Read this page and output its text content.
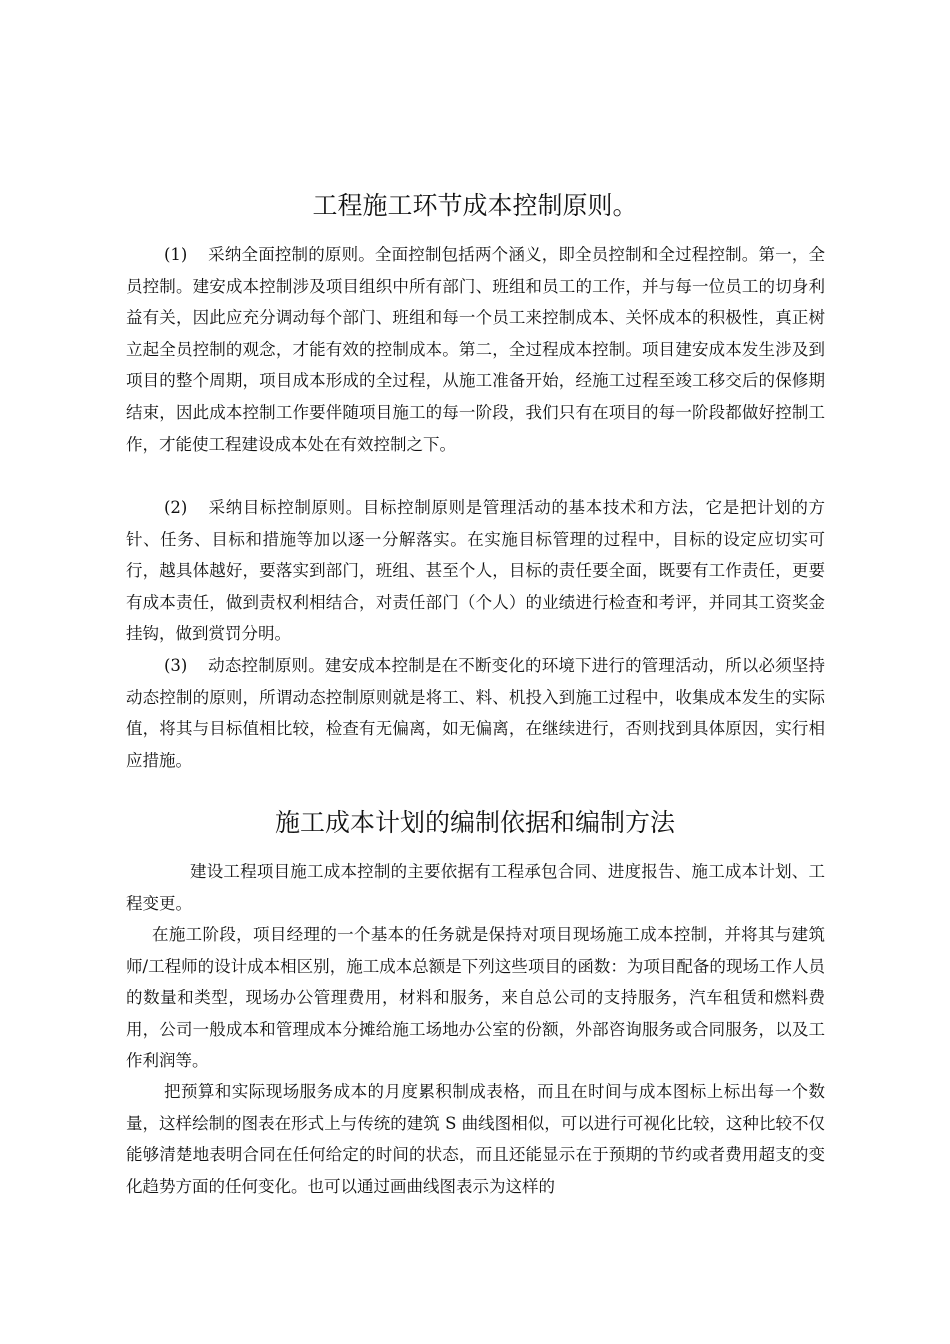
工程施工环节成本控制原则。

(1) 采纳全面控制的原则。全面控制包括两个涵义，即全员控制和全过程控制。第一，全员控制。建安成本控制涉及项目组织中所有部门、班组和员工的工作，并与每一位员工的切身利益有关，因此应充分调动每个部门、班组和每一个员工来控制成本、关怀成本的积极性，真正树立起全员控制的观念，才能有效的控制成本。第二，全过程成本控制。项目建安成本发生涉及到项目的整个周期，项目成本形成的全过程，从施工准备开始，经施工过程至竣工移交后的保修期结束，因此成本控制工作要伴随项目施工的每一阶段，我们只有在项目的每一阶段都做好控制工作，才能使工程建设成本处在有效控制之下。

(2) 采纳目标控制原则。目标控制原则是管理活动的基本技术和方法，它是把计划的方针、任务、目标和措施等加以逐一分解落实。在实施目标管理的过程中，目标的设定应切实可行，越具体越好，要落实到部门，班组、甚至个人，目标的责任要全面，既要有工作责任，更要有成本责任，做到责权利相结合，对责任部门（个人）的业绩进行检查和考评，并同其工资奖金挂钩，做到赏罚分明。

(3) 动态控制原则。建安成本控制是在不断变化的环境下进行的管理活动，所以必须坚持动态控制的原则，所谓动态控制原则就是将工、料、机投入到施工过程中，收集成本发生的实际值，将其与目标值相比较，检查有无偏离，如无偏离，在继续进行，否则找到具体原因，实行相应措施。

施工成本计划的编制依据和编制方法

建设工程项目施工成本控制的主要依据有工程承包合同、进度报告、施工成本计划、工程变更。

在施工阶段，项目经理的一个基本的任务就是保持对项目现场施工成本控制，并将其与建筑师/工程师的设计成本相区别，施工成本总额是下列这些项目的函数：为项目配备的现场工作人员的数量和类型，现场办公管理费用，材料和服务，来自总公司的支持服务，汽车租赁和燃料费用，公司一般成本和管理成本分摊给施工场地办公室的份额，外部咨询服务或合同服务，以及工作利润等。

把预算和实际现场服务成本的月度累积制成表格，而且在时间与成本图标上标出每一个数量，这样绘制的图表在形式上与传统的建筑 S 曲线图相似，可以进行可视化比较，这种比较不仅能够清楚地表明合同在任何给定的时间的状态，而且还能显示在于预期的节约或者费用超支的变化趋势方面的任何变化。也可以通过画曲线图表示为这样的
